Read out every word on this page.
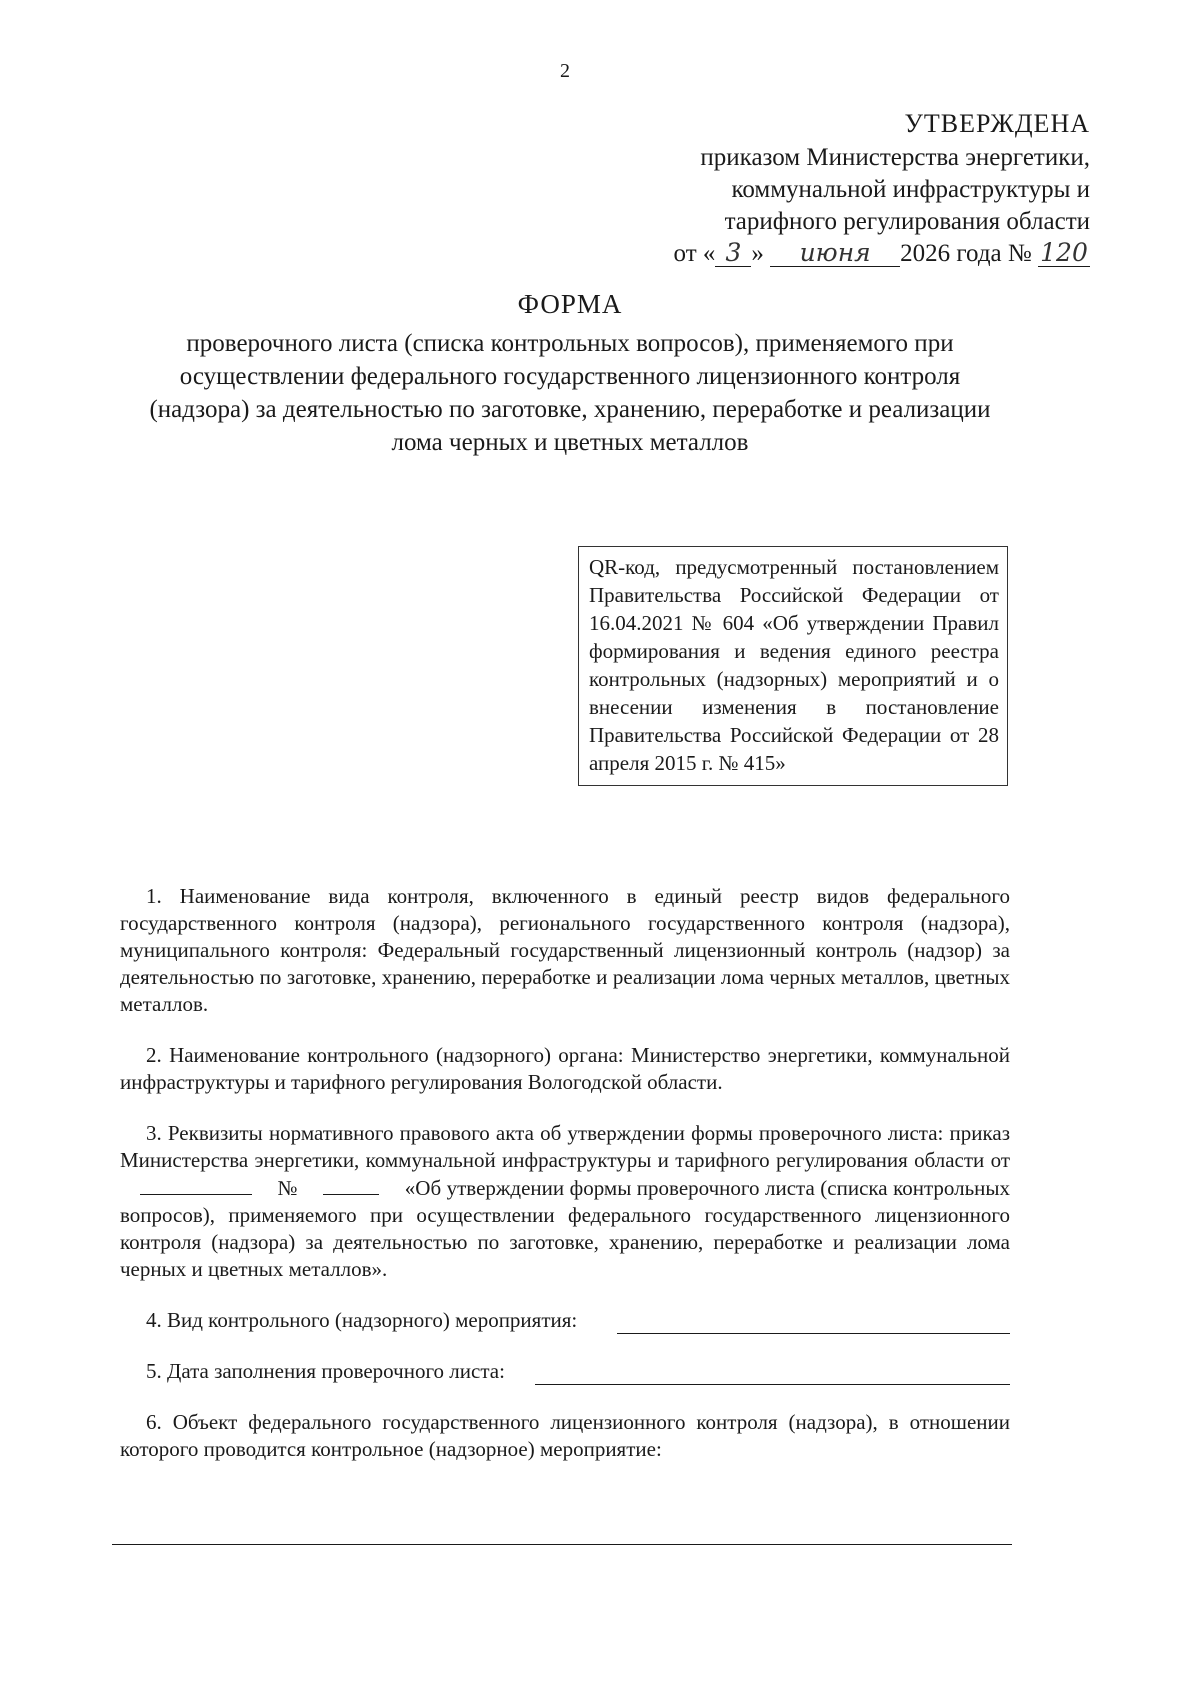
2
УТВЕРЖДЕНА
приказом Министерства энергетики,
коммунальной инфраструктуры и
тарифного регулирования области
от « 3 » июня 2026 года № 120
ФОРМА
проверочного листа (списка контрольных вопросов), применяемого при
осуществлении федерального государственного лицензионного контроля
(надзора) за деятельностью по заготовке, хранению, переработке и реализации
лома черных и цветных металлов
QR-код, предусмотренный постановлением Правительства Российской Федерации от 16.04.2021 № 604 «Об утверждении Правил формирования и ведения единого реестра контрольных (надзорных) мероприятий и о внесении изменения в постановление Правительства Российской Федерации от 28 апреля 2015 г. № 415»

1. Наименование вида контроля, включенного в единый реестр видов федерального государственного контроля (надзора), регионального государственного контроля (надзора), муниципального контроля: Федеральный государственный лицензионный контроль (надзор) за деятельностью по заготовке, хранению, переработке и реализации лома черных металлов, цветных металлов.

2. Наименование контрольного (надзорного) органа: Министерство энергетики, коммунальной инфраструктуры и тарифного регулирования Вологодской области.

3. Реквизиты нормативного правового акта об утверждении формы проверочного листа: приказ Министерства энергетики, коммунальной инфраструктуры и тарифного регулирования области от  №	«Об утверждении формы проверочного листа (списка контрольных вопросов), применяемого при осуществлении федерального государственного лицензионного контроля (надзора) за деятельностью по заготовке, хранению, переработке и реализации лома черных и цветных металлов».

4. Вид контрольного (надзорного) мероприятия:
5. Дата заполнения проверочного листа:

6. Объект федерального государственного лицензионного контроля (надзора), в отношении которого проводится контрольное (надзорное) мероприятие:
